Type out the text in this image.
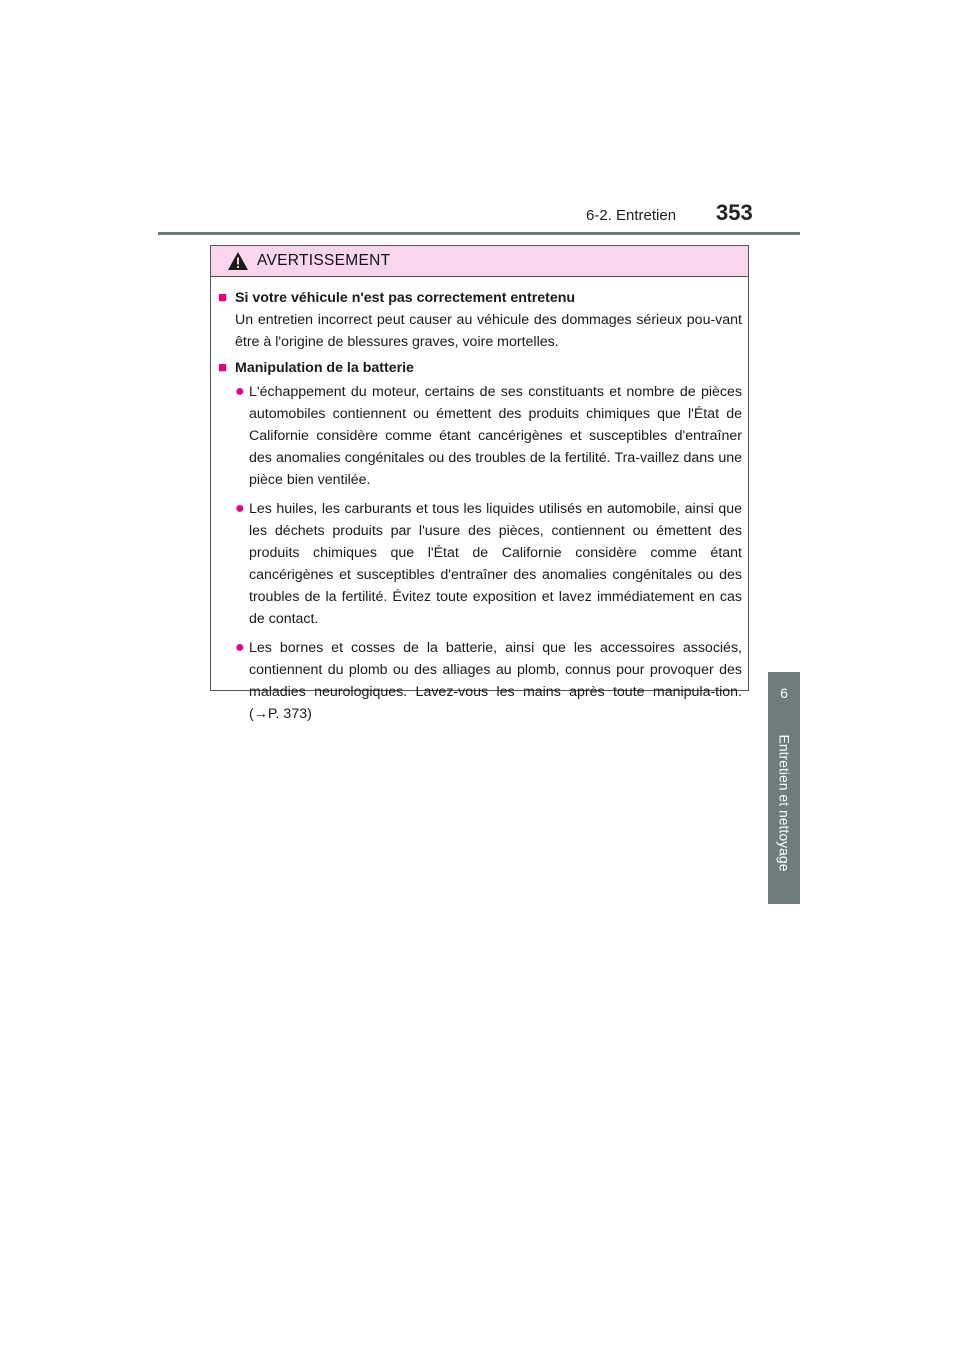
6-2. Entretien 353
6
Entretien et nettoyage
AVERTISSEMENT
■ Si votre véhicule n'est pas correctement entretenu
Un entretien incorrect peut causer au véhicule des dommages sérieux pou-vant être à l'origine de blessures graves, voire mortelles.
■ Manipulation de la batterie
● L'échappement du moteur, certains de ses constituants et nombre de pièces automobiles contiennent ou émettent des produits chimiques que l'État de Californie considère comme étant cancérigènes et susceptibles d'entraîner des anomalies congénitales ou des troubles de la fertilité. Tra-vaillez dans une pièce bien ventilée.
● Les huiles, les carburants et tous les liquides utilisés en automobile, ainsi que les déchets produits par l'usure des pièces, contiennent ou émettent des produits chimiques que l'État de Californie considère comme étant cancérigènes et susceptibles d'entraîner des anomalies congénitales ou des troubles de la fertilité. Évitez toute exposition et lavez immédiatement en cas de contact.
● Les bornes et cosses de la batterie, ainsi que les accessoires associés, contiennent du plomb ou des alliages au plomb, connus pour provoquer des maladies neurologiques. Lavez-vous les mains après toute manipula-tion. (→P. 373)
